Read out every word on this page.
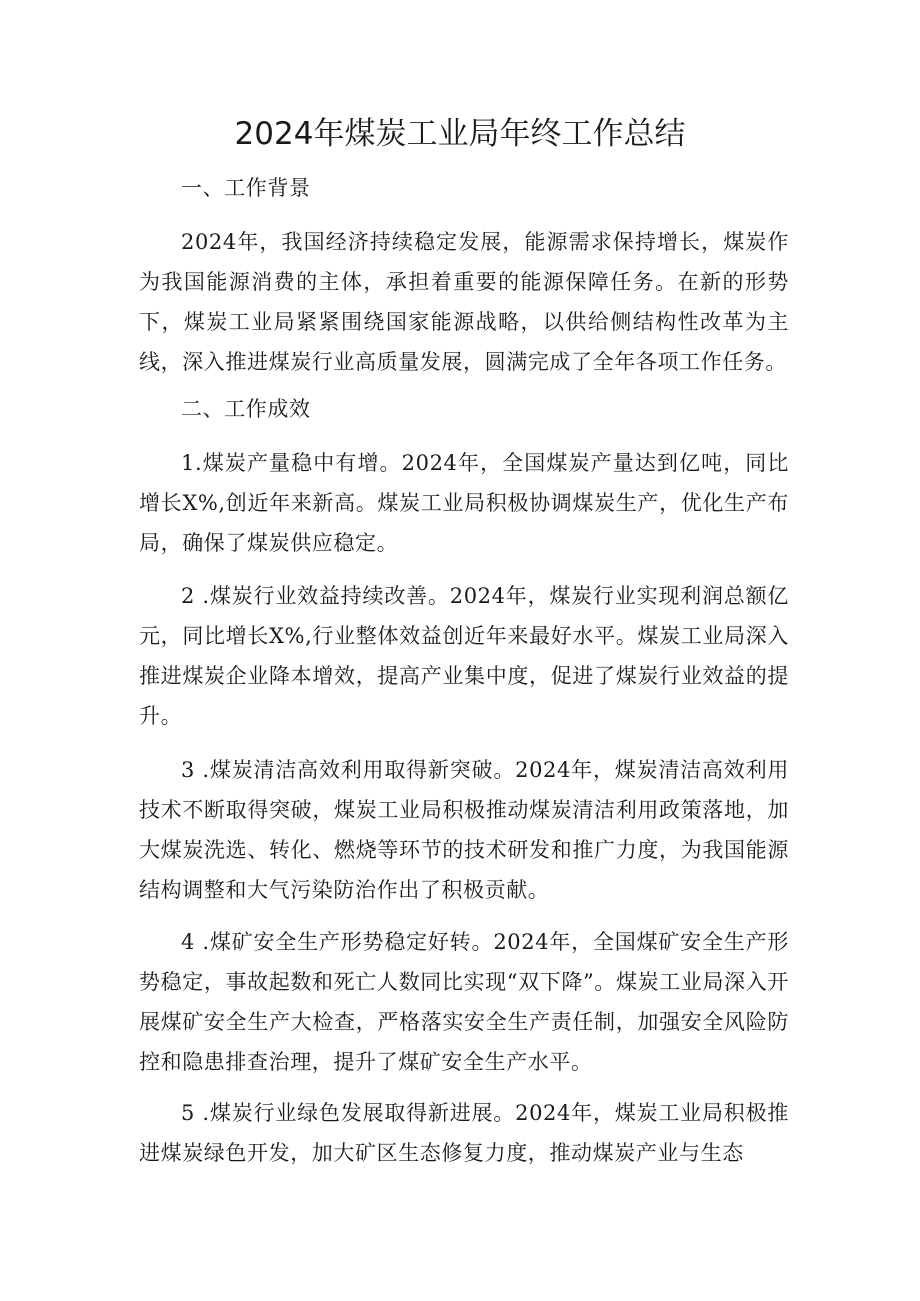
2024年煤炭工业局年终工作总结

一、工作背景

2024年，我国经济持续稳定发展，能源需求保持增长，煤炭作为我国能源消费的主体，承担着重要的能源保障任务。在新的形势下，煤炭工业局紧紧围绕国家能源战略，以供给侧结构性改革为主线，深入推进煤炭行业高质量发展，圆满完成了全年各项工作任务。

二、工作成效

1.煤炭产量稳中有增。2024年，全国煤炭产量达到亿吨，同比增长X%,创近年来新高。煤炭工业局积极协调煤炭生产，优化生产布局，确保了煤炭供应稳定。

2 .煤炭行业效益持续改善。2024年，煤炭行业实现利润总额亿元，同比增长X%,行业整体效益创近年来最好水平。煤炭工业局深入推进煤炭企业降本增效，提高产业集中度，促进了煤炭行业效益的提升。

3 .煤炭清洁高效利用取得新突破。2024年，煤炭清洁高效利用技术不断取得突破，煤炭工业局积极推动煤炭清洁利用政策落地，加大煤炭洗选、转化、燃烧等环节的技术研发和推广力度，为我国能源结构调整和大气污染防治作出了积极贡献。

4 .煤矿安全生产形势稳定好转。2024年，全国煤矿安全生产形势稳定，事故起数和死亡人数同比实现“双下降”。煤炭工业局深入开展煤矿安全生产大检查，严格落实安全生产责任制，加强安全风险防控和隐患排查治理，提升了煤矿安全生产水平。

5 .煤炭行业绿色发展取得新进展。2024年，煤炭工业局积极推进煤炭绿色开发，加大矿区生态修复力度，推动煤炭产业与生态
